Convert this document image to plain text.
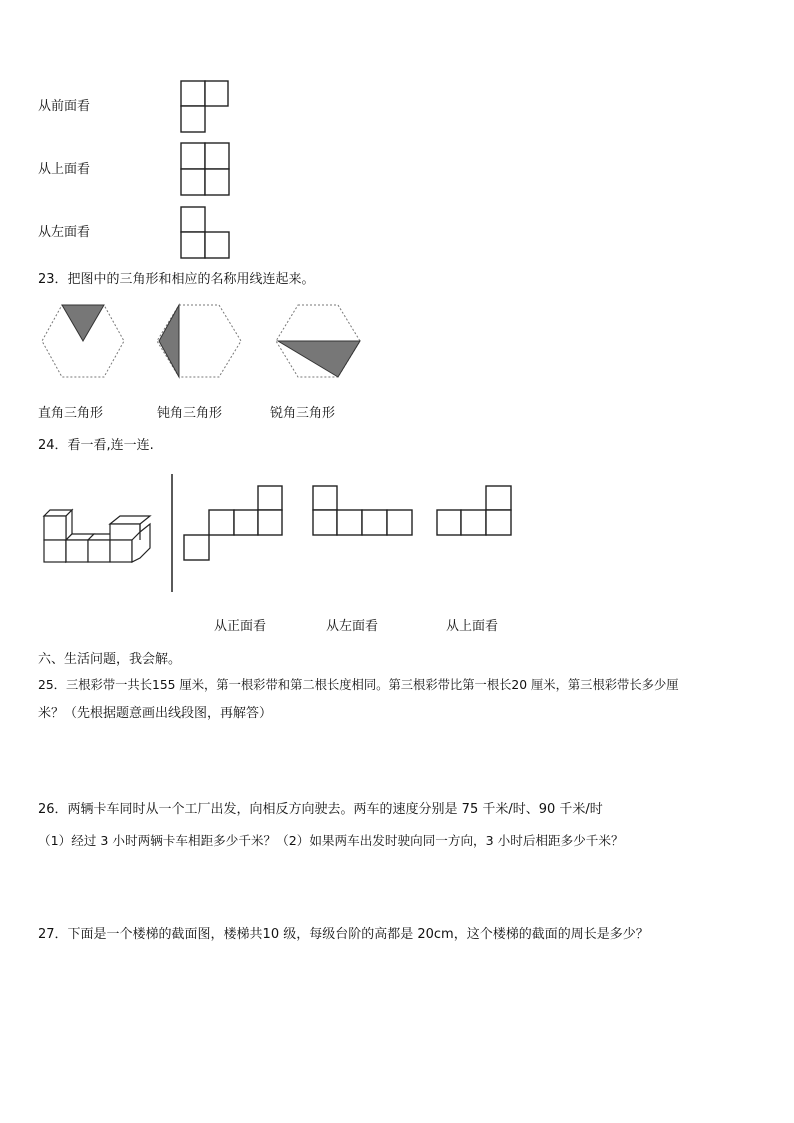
从前面看
从上面看
从左面看
23．把图中的三角形和相应的名称用线连起来。
直角三角形	钝角三角形	锐角三角形
24．看一看,连一连.
从正面看	从左面看	从上面看
六、生活问题，我会解。
25．三根彩带一共长155 厘米，第一根彩带和第二根长度相同。第三根彩带比第一根长20 厘米，第三根彩带长多少厘
米？（先根据题意画出线段图，再解答）
26．两辆卡车同时从一个工厂出发，向相反方向驶去。两车的速度分别是 75 千米/时、90 千米/时
（1）经过 3 小时两辆卡车相距多少千米？（2）如果两车出发时驶向同一方向，3 小时后相距多少千米？
27．下面是一个楼梯的截面图，楼梯共10 级，每级台阶的高都是 20cm，这个楼梯的截面的周长是多少？
